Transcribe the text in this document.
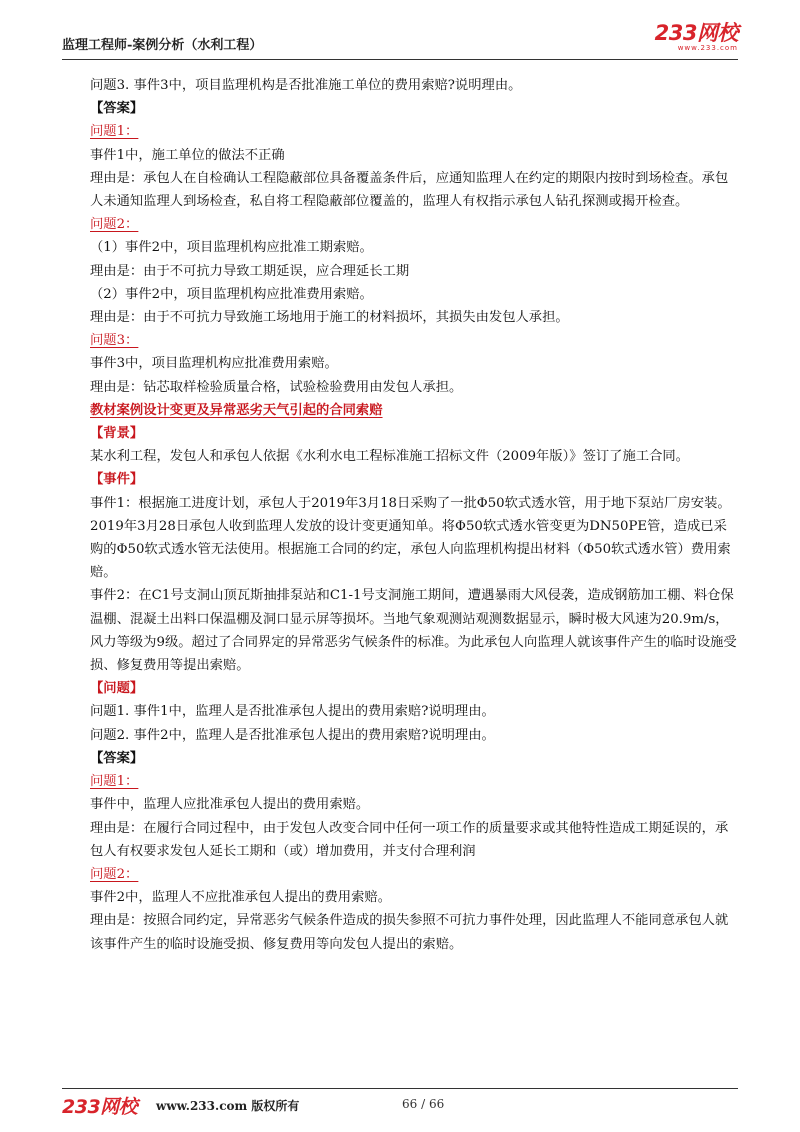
监理工程师-案例分析（水利工程）
233网校
www.233.com

问题3. 事件3中，项目监理机构是否批准施工单位的费用索赔?说明理由。

【答案】

问题1：

事件1中，施工单位的做法不正确

理由是：承包人在自检确认工程隐蔽部位具备覆盖条件后，应通知监理人在约定的期限内按时到场检查。承包人未通知监理人到场检查，私自将工程隐蔽部位覆盖的，监理人有权指示承包人钻孔探测或揭开检查。

问题2：

（1）事件2中，项目监理机构应批准工期索赔。

理由是：由于不可抗力导致工期延误，应合理延长工期

（2）事件2中，项目监理机构应批准费用索赔。

理由是：由于不可抗力导致施工场地用于施工的材料损坏，其损失由发包人承担。

问题3：

事件3中，项目监理机构应批准费用索赔。

理由是：钻芯取样检验质量合格，试验检验费用由发包人承担。

教材案例设计变更及异常恶劣天气引起的合同索赔

【背景】

某水利工程，发包人和承包人依据《水利水电工程标准施工招标文件（2009年版）》签订了施工合同。

【事件】

事件1：根据施工进度计划，承包人于2019年3月18日采购了一批Φ50软式透水管，用于地下泵站厂房安装。2019年3月28日承包人收到监理人发放的设计变更通知单。将Φ50软式透水管变更为DN50PE管，造成已采购的Φ50软式透水管无法使用。根据施工合同的约定，承包人向监理机构提出材料（Φ50软式透水管）费用索赔。

事件2：在C1号支洞山顶瓦斯抽排泵站和C1-1号支洞施工期间，遭遇暴雨大风侵袭，造成钢筋加工棚、料仓保温棚、混凝土出料口保温棚及洞口显示屏等损坏。当地气象观测站观测数据显示，瞬时极大风速为20.9m/s，风力等级为9级。超过了合同界定的异常恶劣气候条件的标准。为此承包人向监理人就该事件产生的临时设施受损、修复费用等提出索赔。

【问题】

问题1. 事件1中，监理人是否批准承包人提出的费用索赔?说明理由。

问题2. 事件2中，监理人是否批准承包人提出的费用索赔?说明理由。

【答案】

问题1：

事件中，监理人应批准承包人提出的费用索赔。

理由是：在履行合同过程中，由于发包人改变合同中任何一项工作的质量要求或其他特性造成工期延误的，承包人有权要求发包人延长工期和（或）增加费用，并支付合理利润

问题2：

事件2中，监理人不应批准承包人提出的费用索赔。

理由是：按照合同约定，异常恶劣气候条件造成的损失参照不可抗力事件处理，因此监理人不能同意承包人就该事件产生的临时设施受损、修复费用等向发包人提出的索赔。

233网校 www.233.com 版权所有	66 / 66
